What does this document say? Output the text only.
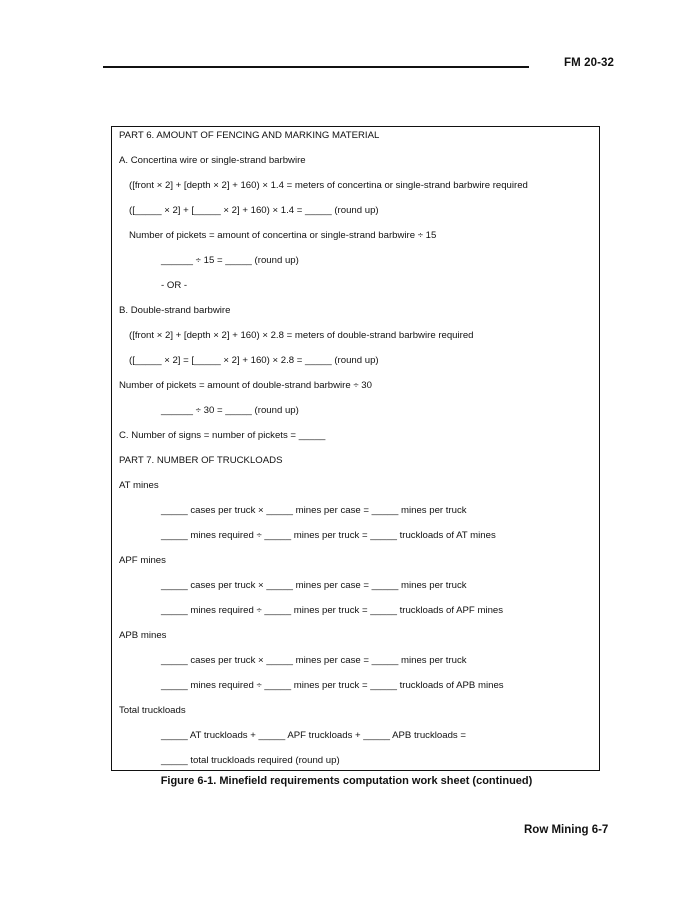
FM 20-32
PART 6. AMOUNT OF FENCING AND MARKING MATERIAL
A. Concertina wire or single-strand barbwire
([front × 2] + [depth × 2] + 160) × 1.4 = meters of concertina or single-strand barbwire required
([_____ × 2] + [_____ × 2] + 160) × 1.4 = _____ (round up)
Number of pickets = amount of concertina or single-strand barbwire ÷ 15
______ ÷ 15 = _____ (round up)
- OR -
B. Double-strand barbwire
([front × 2] + [depth × 2] + 160) × 2.8 = meters of double-strand barbwire required
([_____ × 2] = [_____ × 2] + 160) × 2.8 = _____ (round up)
Number of pickets = amount of double-strand barbwire ÷ 30
______ ÷ 30 = _____ (round up)
C. Number of signs = number of pickets = _____
PART 7. NUMBER OF TRUCKLOADS
AT mines
_____ cases per truck × _____ mines per case = _____ mines per truck
_____ mines required ÷ _____ mines per truck = _____ truckloads of AT mines
APF mines
_____ cases per truck × _____ mines per case = _____ mines per truck
_____ mines required ÷ _____ mines per truck = _____ truckloads of APF mines
APB mines
_____ cases per truck × _____ mines per case = _____ mines per truck
_____ mines required ÷ _____ mines per truck = _____ truckloads of APB mines
Total truckloads
_____ AT truckloads + _____ APF truckloads + _____ APB truckloads =
_____ total truckloads required (round up)
Figure 6-1. Minefield requirements computation work sheet (continued)
Row Mining 6-7
